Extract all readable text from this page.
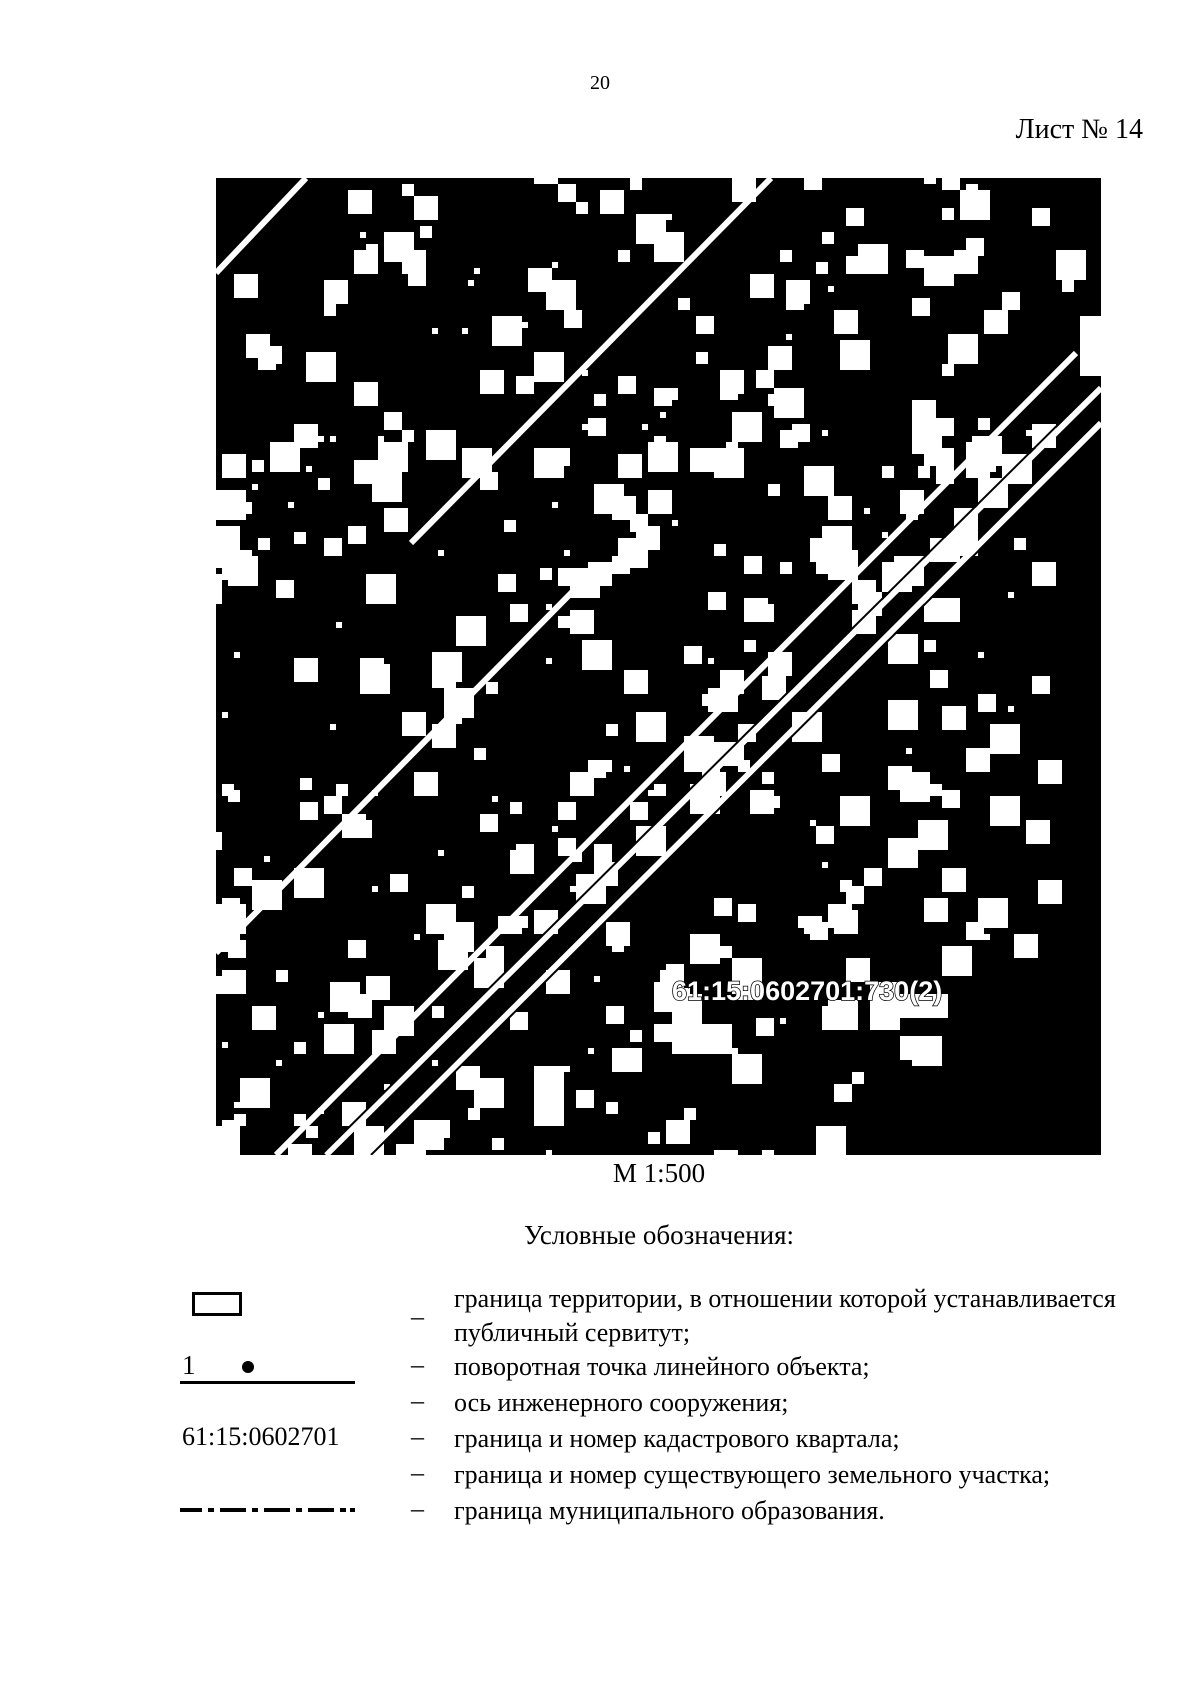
20
Лист № 14
61:15:0602701:730(2)
М 1:500
Условные обозначения:
–
граница территории, в отношении которой устанавливается публичный сервитут;
1	– поворотная точка линейного объекта;
– ось инженерного сооружения;
61:15:0602701	– граница и номер кадастрового квартала;
– граница и номер существующего земельного участка;
– граница муниципального образования.
